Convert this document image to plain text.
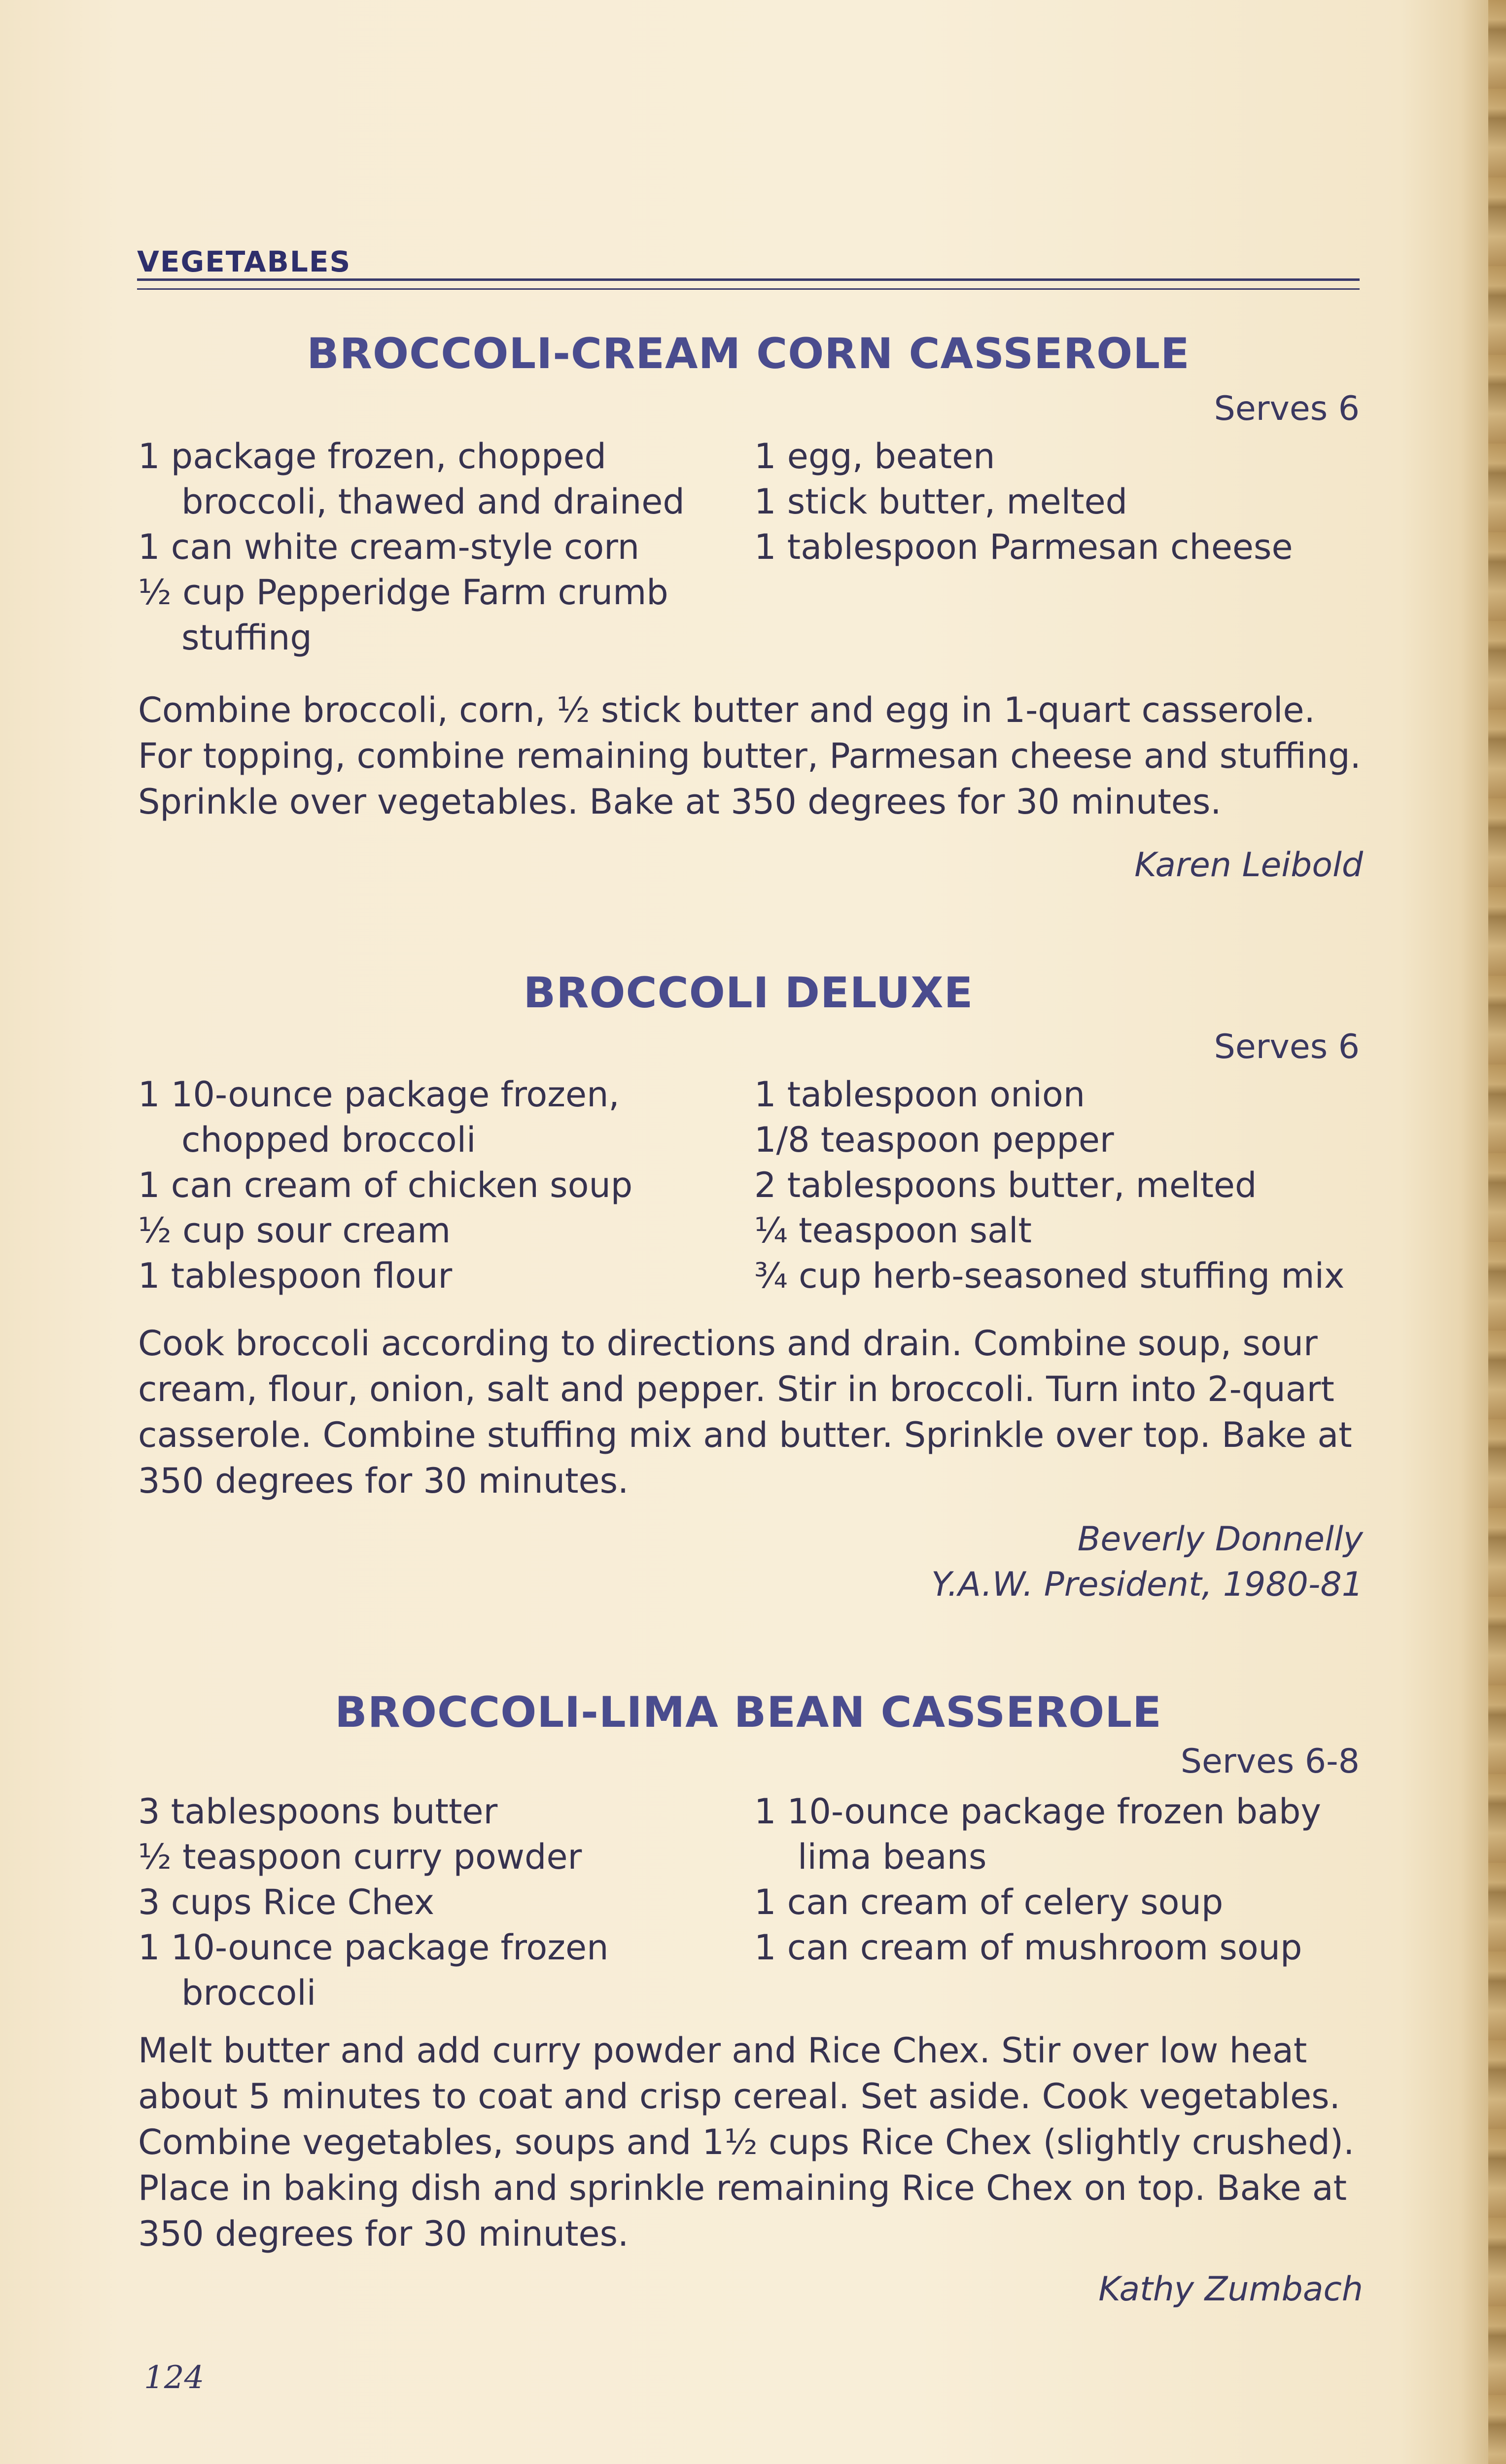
VEGETABLES
BROCCOLI-CREAM CORN CASSEROLE
Serves 6
1 package frozen, chopped broccoli, thawed and drained
1 can white cream-style corn
½ cup Pepperidge Farm crumb stuffing
1 egg, beaten
1 stick butter, melted
1 tablespoon Parmesan cheese
Combine broccoli, corn, ½ stick butter and egg in 1-quart casserole. For topping, combine remaining butter, Parmesan cheese and stuffing. Sprinkle over vegetables. Bake at 350 degrees for 30 minutes.
Karen Leibold
BROCCOLI DELUXE
Serves 6
1 10-ounce package frozen, chopped broccoli
1 can cream of chicken soup
½ cup sour cream
1 tablespoon flour
1 tablespoon onion
1/8 teaspoon pepper
2 tablespoons butter, melted
¼ teaspoon salt
¾ cup herb-seasoned stuffing mix
Cook broccoli according to directions and drain. Combine soup, sour cream, flour, onion, salt and pepper. Stir in broccoli. Turn into 2-quart casserole. Combine stuffing mix and butter. Sprinkle over top. Bake at 350 degrees for 30 minutes.
Beverly Donnelly
Y.A.W. President, 1980-81
BROCCOLI-LIMA BEAN CASSEROLE
Serves 6-8
3 tablespoons butter
½ teaspoon curry powder
3 cups Rice Chex
1 10-ounce package frozen broccoli
1 10-ounce package frozen baby lima beans
1 can cream of celery soup
1 can cream of mushroom soup
Melt butter and add curry powder and Rice Chex. Stir over low heat about 5 minutes to coat and crisp cereal. Set aside. Cook vegetables. Combine vegetables, soups and 1½ cups Rice Chex (slightly crushed). Place in baking dish and sprinkle remaining Rice Chex on top. Bake at 350 degrees for 30 minutes.
Kathy Zumbach
124
